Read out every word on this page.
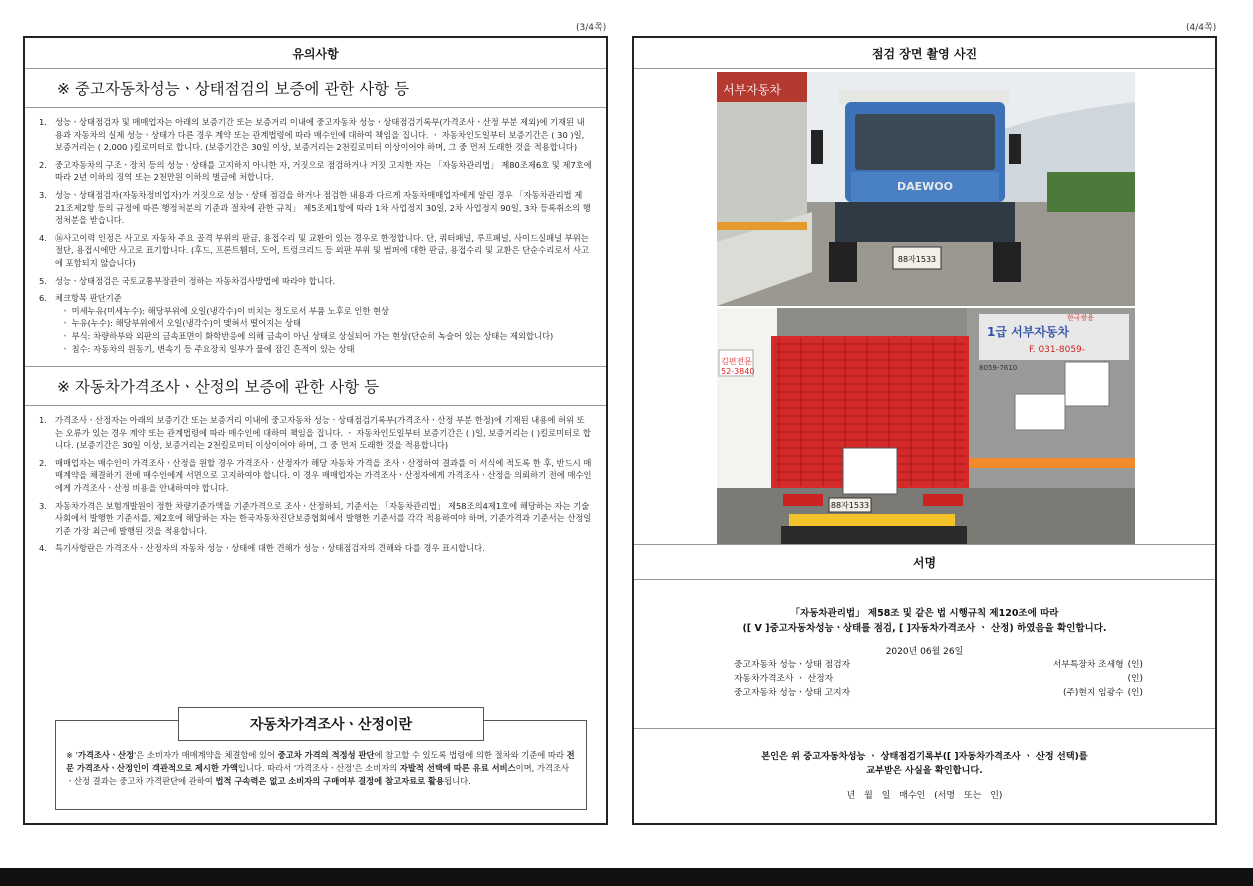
(3/4쪽)	(4/4쪽)
유의사항
※ 중고자동차성능ㆍ상태점검의 보증에 관한 사항 등
1. 성능ㆍ상태점검자 및 매매업자는 아래의 보증기간 또는 보증거리 이내에 중고자동차 성능ㆍ상태점검기록부(가격조사ㆍ산정 부분 제외)에 기재된 내용과 자동차의 실제 성능ㆍ상태가 다른 경우 계약 또는 관계법령에 따라 매수인에 대하여 책임을 집니다. ㆍ 자동차인도일부터 보증기간은 ( 30 )일, 보증거리는 ( 2,000 )킬로미터로 합니다. (보증기간은 30일 이상, 보증거리는 2천킬로미터 이상이어야 하며, 그 중 먼저 도래한 것을 적용합니다)
2. 중고자동차의 구조ㆍ장치 등의 성능ㆍ상태를 고지하지 아니한 자, 거짓으로 점검하거나 거짓 고지한 자는 「자동차관리법」 제80조제6호 및 제7호에 따라 2년 이하의 징역 또는 2천만원 이하의 벌금에 처합니다.
3. 성능ㆍ상태점검자(자동차정비업자)가 거짓으로 성능ㆍ상태 점검을 하거나 점검한 내용과 다르게 자동차매매업자에게 알린 경우 「자동차관리법 제21조제2항 등의 규정에 따른 행정처분의 기준과 절차에 관한 규칙」 제5조제1항에 따라 1차 사업정지 30일, 2차 사업정지 90일, 3차 등록취소의 행정처분을 받습니다.
4. ⑯사고이력 인정은 사고로 자동차 주요 골격 부위의 판금, 용접수리 및 교환이 있는 경우로 한정합니다. 단, 쿼터패널, 루프패널, 사이드실패널 부위는 절단, 용접시에만 사고로 표기합니다. (후드, 프론트휀더, 도어, 트렁크리드 등 외판 부위 및 범퍼에 대한 판금, 용접수리 및 교환은 단순수리로서 사고에 포함되지 않습니다)
5. 성능ㆍ상태점검은 국토교통부장관이 정하는 자동차검사방법에 따라야 합니다.
6. 체크항목 판단기준
ㆍ 미세누유(미세누수): 해당부위에 오일(냉각수)이 비치는 정도로서 부품 노후로 인한 현상
ㆍ 누유(누수): 해당부위에서 오일(냉각수)이 맺혀서 떨어지는 상태
ㆍ 부식: 차량하부와 외판의 금속표면이 화학반응에 의해 금속이 아닌 상태로 상실되어 가는 현상(단순히 녹슬어 있는 상태는 제외합니다)
ㆍ 침수: 자동차의 원동기, 변속기 등 주요장치 일부가 물에 잠긴 흔적이 있는 상태
※ 자동차가격조사ㆍ산정의 보증에 관한 사항 등
1. 가격조사ㆍ산정자는 아래의 보증기간 또는 보증거리 이내에 중고자동차 성능ㆍ상태점검기록부(가격조사ㆍ산정 부분 한정)에 기재된 내용에 허위 또는 오류가 있는 경우 계약 또는 관계법령에 따라 매수인에 대하여 책임을 집니다. ㆍ 자동차인도일부터 보증기간은 ( )일, 보증거리는 ( )킬로미터로 합니다. (보증기간은 30일 이상, 보증거리는 2천킬로미터 이상이어야 하며, 그 중 먼저 도래한 것을 적용합니다)
2. 매매업자는 매수인이 가격조사ㆍ산정을 원할 경우 가격조사ㆍ산정자가 해당 자동차 가격을 조사ㆍ산정하여 결과를 이 서식에 적도록 한 후, 반드시 매매계약을 체결하기 전에 매수인에게 서면으로 고지하여야 합니다. 이 경우 매매업자는 가격조사ㆍ산정자에게 가격조사ㆍ산정을 의뢰하기 전에 매수인에게 가격조사ㆍ산정 비용을 안내하여야 합니다.
3. 자동차가격은 보험개발원이 정한 차량기준가액을 기준가격으로 조사ㆍ산정하되, 기준서는 「자동차관리법」 제58조의4제1호에 해당하는 자는 기술사회에서 발행한 기준서를, 제2호에 해당하는 자는 한국자동차진단보증협회에서 발행한 기준서를 각각 적용하여야 하며, 기준가격과 기준서는 산정일 기준 가장 최근에 발행된 것을 적용합니다.
4. 특기사항란은 가격조사ㆍ산정자의 자동차 성능ㆍ상태에 대한 견해가 성능ㆍ상태점검자의 견해와 다를 경우 표시합니다.
자동차가격조사ㆍ산정이란
※ '가격조사ㆍ산정'은 소비자가 매매계약을 체결함에 있어 중고차 가격의 적정성 판단에 참고할 수 있도록 법령에 의한 절차와 기준에 따라 전문 가격조사ㆍ산정인이 객관적으로 제시한 가액입니다. 따라서 '가격조사ㆍ산정'은 소비자의 자발적 선택에 따른 유료 서비스이며, 가격조사ㆍ산정 결과는 중고차 가격판단에 관하여 법적 구속력은 없고 소비자의 구매여부 결정에 참고자료로 활용됩니다.
점검 장면 촬영 사진
서부자동차
DAEWOO
88자1533
김편전문
52-3840
1급 서부자동차
한국쌍용
F. 031-8059-
8059-7610
88자1533
서명
「자동차관리법」 제58조 및 같은 법 시행규칙 제120조에 따라
([ V ]중고자동차성능ㆍ상태를 점검, [ ]자동차가격조사 ㆍ 산정) 하였음을 확인합니다.
2020년 06월 26일
중고자동차 성능ㆍ상태 점검자	서부특장차 조세형 (인)
자동차가격조사 ㆍ 산정자	(인)
중고자동차 성능ㆍ상태 고지자	(주)현지 임광수 (인)
본인은 위 중고자동차성능 ㆍ 상태점검기록부([ ]자동차가격조사 ㆍ 산정 선택)를
교부받은 사실을 확인합니다.
년 월 일 매수인 (서명 또는 인)
